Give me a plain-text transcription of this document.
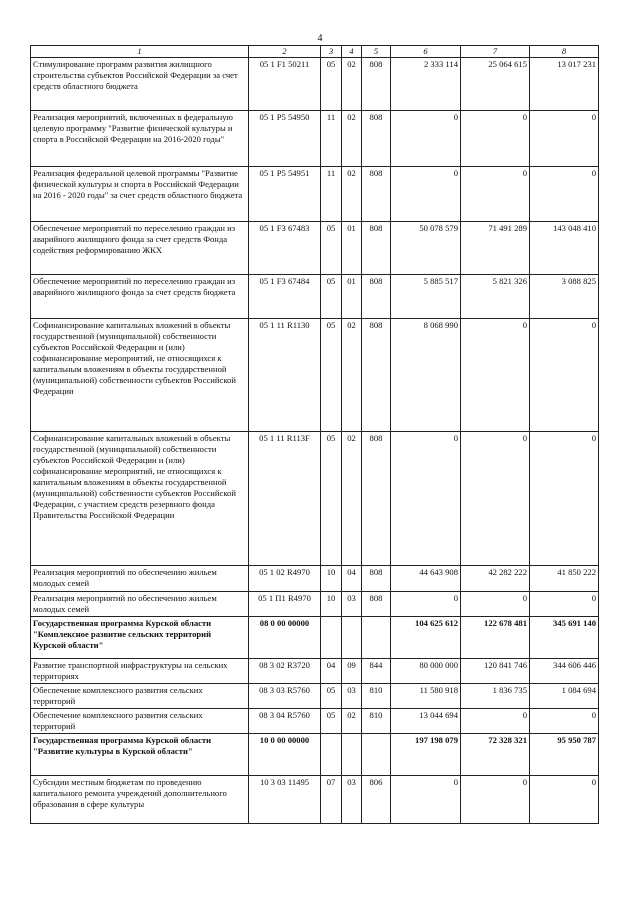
4
1	2	3	4	5	6	7	8
Стимулирование программ развития жилищного строительства субъектов Российской Федерации за счет средств областного бюджета	05 1 F1 50211	05	02	808	2 333 114	25 064 615	13 017 231
Реализация мероприятий, включенных в федеральную целевую программу "Развитие физической культуры и спорта в Российской Федерации на 2016-2020 годы"	05 1 P5 54950	11	02	808	0	0	0
Реализация федеральной целевой программы "Развитие физической культуры и спорта в Российской Федерации на 2016 - 2020 годы" за счет средств областного бюджета	05 1 P5 54951	11	02	808	0	0	0
Обеспечение мероприятий по переселению граждан из аварийного жилищного фонда за счет средств Фонда содействия реформированию ЖКХ	05 1 F3 67483	05	01	808	50 078 579	71 491 289	143 048 410
Обеспечение мероприятий по переселению граждан из аварийного жилищного фонда за счет средств бюджета	05 1 F3 67484	05	01	808	5 885 517	5 821 326	3 088 825
Софинансирование капитальных вложений в объекты государственной (муниципальной) собственности субъектов Российской Федерации и (или) софинансирование мероприятий, не относящихся к капитальным вложениям в объекты государственной (муниципальной) собственности субъектов Российской Федерации	05 1 11 R1130	05	02	808	8 068 990	0	0
Софинансирование капитальных вложений в объекты государственной (муниципальной) собственности субъектов Российской Федерации и (или) софинансирование мероприятий, не относящихся к капитальным вложениям в объекты государственной (муниципальной) собственности субъектов Российской Федерации, с участием средств резервного фонда Правительства Российской Федерации	05 1 11 R113F	05	02	808	0	0	0
Реализация мероприятий по обеспечению жильем молодых семей	05 1 02 R4970	10	04	808	44 643 908	42 282 222	41 850 222
Реализация мероприятий по обеспечению жильем молодых семей	05 1 П1 R4970	10	03	808	0	0	0
Государственная программа Курской области "Комплексное развитие сельских территорий Курской области"	08 0 00 00000				104 625 612	122 678 481	345 691 140
Развитие транспортной инфраструктуры на сельских территориях	08 3 02 R3720	04	09	844	80 000 000	120 841 746	344 606 446
Обеспечение комплексного развития сельских территорий	08 3 03 R5760	05	03	810	11 580 918	1 836 735	1 084 694
Обеспечение комплексного развития сельских территорий	08 3 04 R5760	05	02	810	13 044 694	0	0
Государственная программа Курской области "Развитие культуры в Курской области"	10 0 00 00000				197 198 079	72 328 321	95 950 787
Субсидии местным бюджетам по проведению капитального ремонта учреждений дополнительного образования в сфере культуры	10 3 03 11495	07	03	806	0	0	0
